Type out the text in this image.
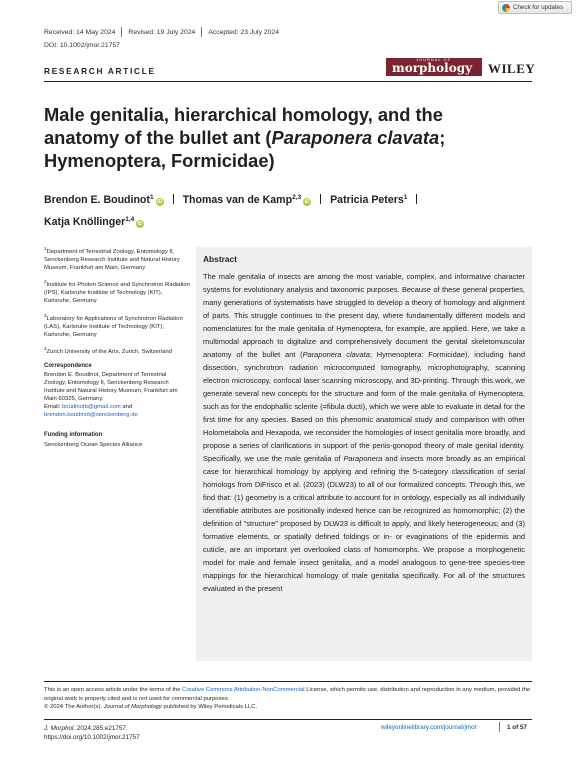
Check for updates
Received: 14 May 2024 Revised: 19 July 2024 Accepted: 23 July 2024
DOI: 10.1002/jmor.21757
RESEARCH ARTICLE
JOURNAL OF
morphology	WILEY
Male genitalia, hierarchical homology, and the anatomy of the bullet ant (Paraponera clavata; Hymenoptera, Formicidae)
Brendon E. Boudinot$^1$iD Thomas van de Kamp$^{2,3}$iD Patricia Peters$^1$
Katja Knöllinger$^{1,4}$iD
$^1$Department of Terrestrial Zoology, Entomology II, Senckenberg Research Institute and Natural History Museum, Frankfurt am Main, Germany
$^2$Institute for Photon Science and Synchrotron Radiation (IPS), Karlsruhe Institute of Technology (KIT), Karlsruhe, Germany
$^3$Laboratory for Applications of Synchrotron Radiation (LAS), Karlsruhe Institute of Technology (KIT), Karlsruhe, Germany
$^4$Zurich University of the Arts, Zurich, Switzerland
Correspondence
Brendon E. Boudinot, Department of Terrestrial Zoology, Entomology II, Senckenberg Research Institute and Natural History Museum, Frankfurt am Main 60325, Germany.
Email: boudinotb@gmail.com and
brendon.boudinot@senckenberg.de
Funding information
Senckenberg Ocean Species Alliance
Abstract

The male genitalia of insects are among the most variable, complex, and informative character systems for evolutionary analysis and taxonomic purposes. Because of these general properties, many generations of systematists have struggled to develop a theory of homology and alignment of parts. This struggle continues to the present day, where fundamentally different models and nomenclatures for the male genitalia of Hymenoptera, for example, are applied. Here, we take a multimodal approach to digitalize and comprehensively document the genital skeletomuscular anatomy of the bullet ant (Paraponera clavata; Hymenoptera: Formicidae), including hand dissection, synchrotron radiation microcomputed tomography, microphotography, scanning electron microscopy, confocal laser scanning microscopy, and 3D-printing. Through this work, we generate several new concepts for the structure and form of the male genitalia of Hymenoptera, such as for the endophallic sclerite (=fibula ducti), which we were able to evaluate in detail for the first time for any species. Based on this phenomic anatomical study and comparison with other Holometabola and Hexapoda, we reconsider the homologies of insect genitalia more broadly, and propose a series of clarifications in support of the penis-gonopod theory of male genital identity. Specifically, we use the male genitalia of Paraponera and insects more broadly as an empirical case for hierarchical homology by applying and refining the 5-category classification of serial homologs from DiFrisco et al. (2023) (DLW23) to all of our formalized concepts. Through this, we find that: (1) geometry is a critical attribute to account for in ontology, especially as all individually identifiable attributes are positionally indexed hence can be recognized as homomorphic; (2) the definition of "structure" proposed by DLW23 is difficult to apply, and likely heterogeneous; and (3) formative elements, or spatially defined foldings or in- or evaginations of the epidermis and cuticle, are an important yet overlooked class of homomorphs. We propose a morphogenetic model for male and female insect genitalia, and a model analogous to gene-tree species-tree mappings for the hierarchical homology of male genitalia specifically. For all of the structures evaluated in the present

This is an open access article under the terms of the Creative Commons Attribution-NonCommercial License, which permits use, distribution and reproduction in any medium, provided the original work is properly cited and is not used for commercial purposes.
© 2024 The Author(s). Journal of Morphology published by Wiley Periodicals LLC.
J. Morphol. 2024;285:e21757.
https://doi.org/10.1002/jmor.21757
wileyonlinelibrary.com/journal/jmor	1 of 57
